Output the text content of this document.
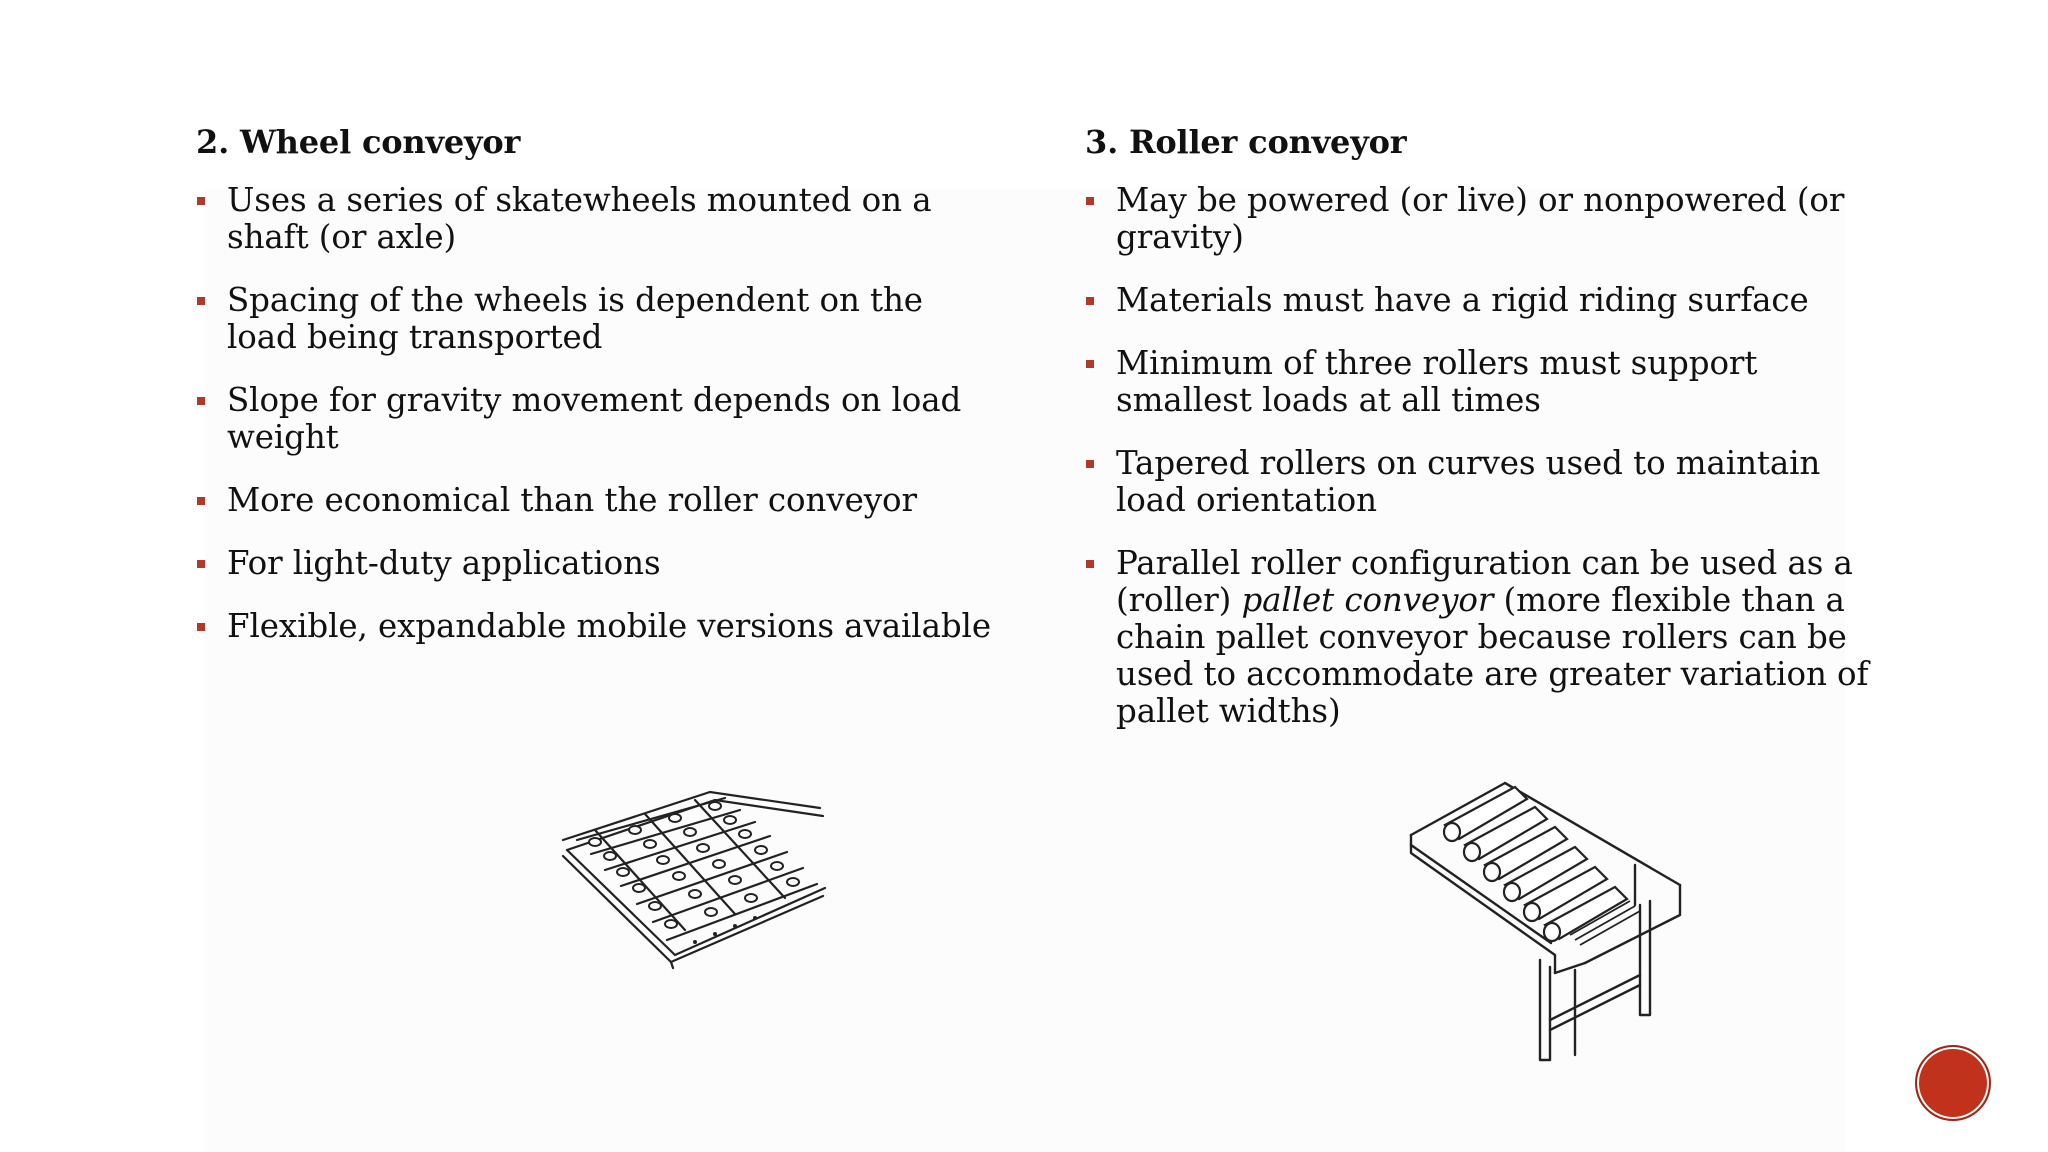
2. Wheel conveyor
Uses a series of skatewheels mounted on a shaft (or axle)
Spacing of the wheels is dependent on the load being transported
Slope for gravity movement depends on load weight
More economical than the roller conveyor
For light-duty applications
Flexible, expandable mobile versions available
3. Roller conveyor
May be powered (or live) or nonpowered (or gravity)
Materials must have a rigid riding surface
Minimum of three rollers must support smallest loads at all times
Tapered rollers on curves used to maintain load orientation
Parallel roller configuration can be used as a (roller) pallet conveyor (more flexible than a chain pallet conveyor because rollers can be used to accommodate are greater variation of pallet widths)
